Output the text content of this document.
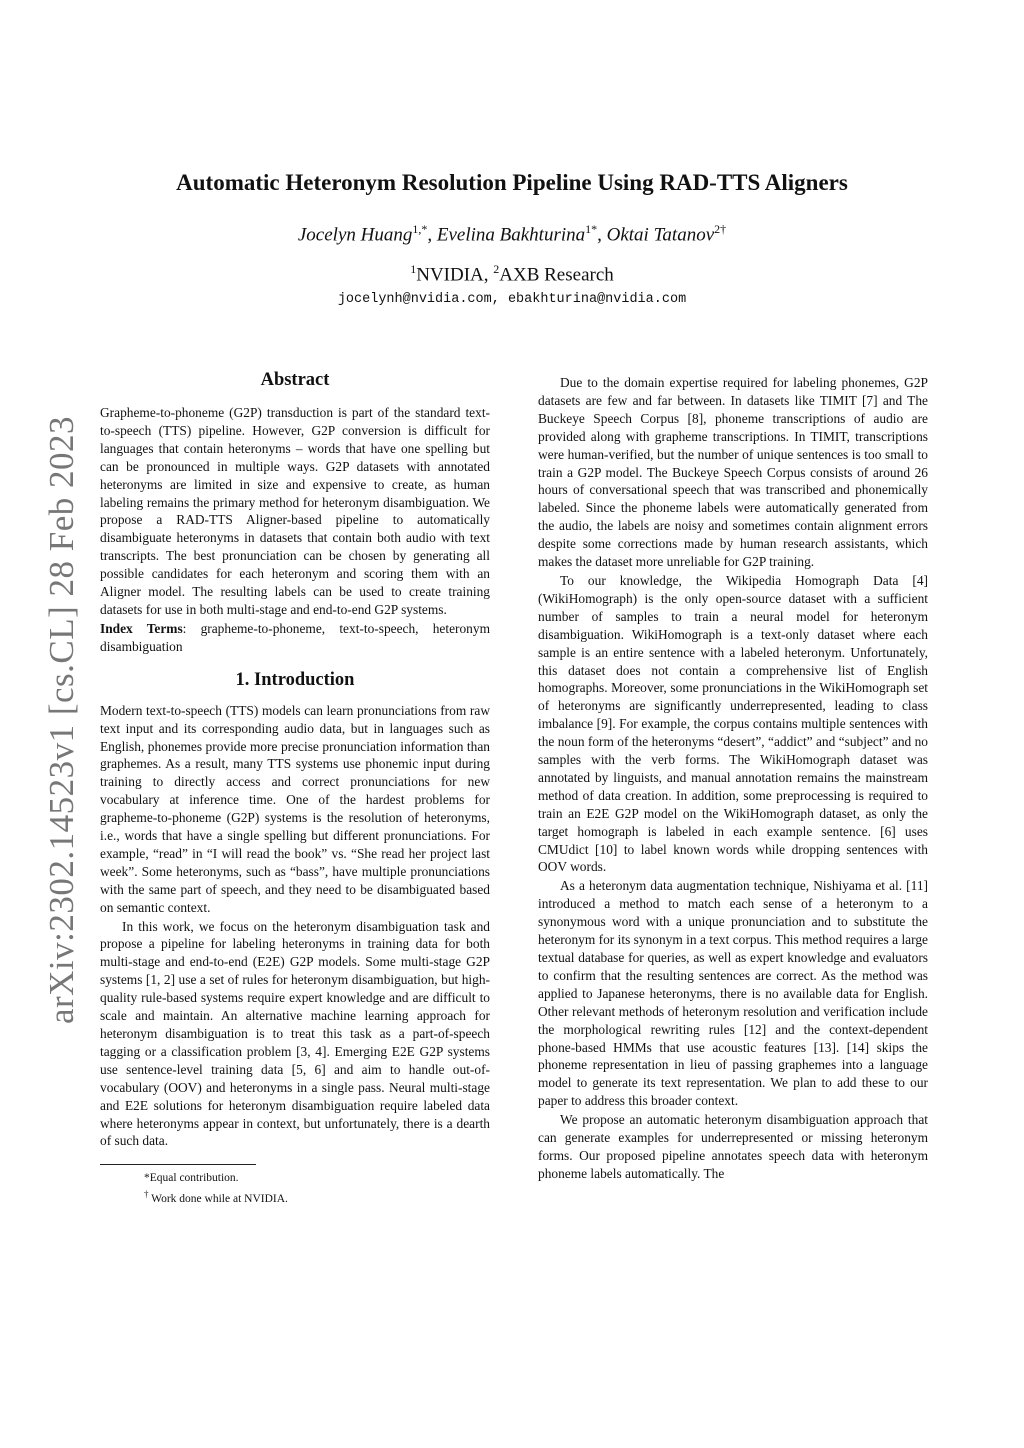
arXiv:2302.14523v1 [cs.CL] 28 Feb 2023
Automatic Heteronym Resolution Pipeline Using RAD-TTS Aligners
Jocelyn Huang$^{1,*}$, Evelina Bakhturina$^{1*}$, Oktai Tatanov$^{2\dagger}$
$^1$NVIDIA, $^2$AXB Research
jocelynh@nvidia.com, ebakhturina@nvidia.com
Abstract

Grapheme-to-phoneme (G2P) transduction is part of the standard text-to-speech (TTS) pipeline. However, G2P conversion is difficult for languages that contain heteronyms – words that have one spelling but can be pronounced in multiple ways. G2P datasets with annotated heteronyms are limited in size and expensive to create, as human labeling remains the primary method for heteronym disambiguation. We propose a RAD-TTS Aligner-based pipeline to automatically disambiguate heteronyms in datasets that contain both audio with text transcripts. The best pronunciation can be chosen by generating all possible candidates for each heteronym and scoring them with an Aligner model. The resulting labels can be used to create training datasets for use in both multi-stage and end-to-end G2P systems.

Index Terms: grapheme-to-phoneme, text-to-speech, heteronym disambiguation

1. Introduction

Modern text-to-speech (TTS) models can learn pronunciations from raw text input and its corresponding audio data, but in languages such as English, phonemes provide more precise pronunciation information than graphemes. As a result, many TTS systems use phonemic input during training to directly access and correct pronunciations for new vocabulary at inference time. One of the hardest problems for grapheme-to-phoneme (G2P) systems is the resolution of heteronyms, i.e., words that have a single spelling but different pronunciations. For example, “read” in “I will read the book” vs. “She read her project last week”. Some heteronyms, such as “bass”, have multiple pronunciations with the same part of speech, and they need to be disambiguated based on semantic context.

In this work, we focus on the heteronym disambiguation task and propose a pipeline for labeling heteronyms in training data for both multi-stage and end-to-end (E2E) G2P models. Some multi-stage G2P systems [1, 2] use a set of rules for heteronym disambiguation, but high-quality rule-based systems require expert knowledge and are difficult to scale and maintain. An alternative machine learning approach for heteronym disambiguation is to treat this task as a part-of-speech tagging or a classification problem [3, 4]. Emerging E2E G2P systems use sentence-level training data [5, 6] and aim to handle out-of-vocabulary (OOV) and heteronyms in a single pass. Neural multi-stage and E2E solutions for heteronym disambiguation require labeled data where heteronyms appear in context, but unfortunately, there is a dearth of such data.

*Equal contribution.

† Work done while at NVIDIA.

Due to the domain expertise required for labeling phonemes, G2P datasets are few and far between. In datasets like TIMIT [7] and The Buckeye Speech Corpus [8], phoneme transcriptions of audio are provided along with grapheme transcriptions. In TIMIT, transcriptions were human-verified, but the number of unique sentences is too small to train a G2P model. The Buckeye Speech Corpus consists of around 26 hours of conversational speech that was transcribed and phonemically labeled. Since the phoneme labels were automatically generated from the audio, the labels are noisy and sometimes contain alignment errors despite some corrections made by human research assistants, which makes the dataset more unreliable for G2P training.

To our knowledge, the Wikipedia Homograph Data [4] (WikiHomograph) is the only open-source dataset with a sufficient number of samples to train a neural model for heteronym disambiguation. WikiHomograph is a text-only dataset where each sample is an entire sentence with a labeled heteronym. Unfortunately, this dataset does not contain a comprehensive list of English homographs. Moreover, some pronunciations in the WikiHomograph set of heteronyms are significantly underrepresented, leading to class imbalance [9]. For example, the corpus contains multiple sentences with the noun form of the heteronyms “desert”, “addict” and “subject” and no samples with the verb forms. The WikiHomograph dataset was annotated by linguists, and manual annotation remains the mainstream method of data creation. In addition, some preprocessing is required to train an E2E G2P model on the WikiHomograph dataset, as only the target homograph is labeled in each example sentence. [6] uses CMUdict [10] to label known words while dropping sentences with OOV words.

As a heteronym data augmentation technique, Nishiyama et al. [11] introduced a method to match each sense of a heteronym to a synonymous word with a unique pronunciation and to substitute the heteronym for its synonym in a text corpus. This method requires a large textual database for queries, as well as expert knowledge and evaluators to confirm that the resulting sentences are correct. As the method was applied to Japanese heteronyms, there is no available data for English. Other relevant methods of heteronym resolution and verification include the morphological rewriting rules [12] and the context-dependent phone-based HMMs that use acoustic features [13]. [14] skips the phoneme representation in lieu of passing graphemes into a language model to generate its text representation. We plan to add these to our paper to address this broader context.

We propose an automatic heteronym disambiguation approach that can generate examples for underrepresented or missing heteronym forms. Our proposed pipeline annotates speech data with heteronym phoneme labels automatically. The
